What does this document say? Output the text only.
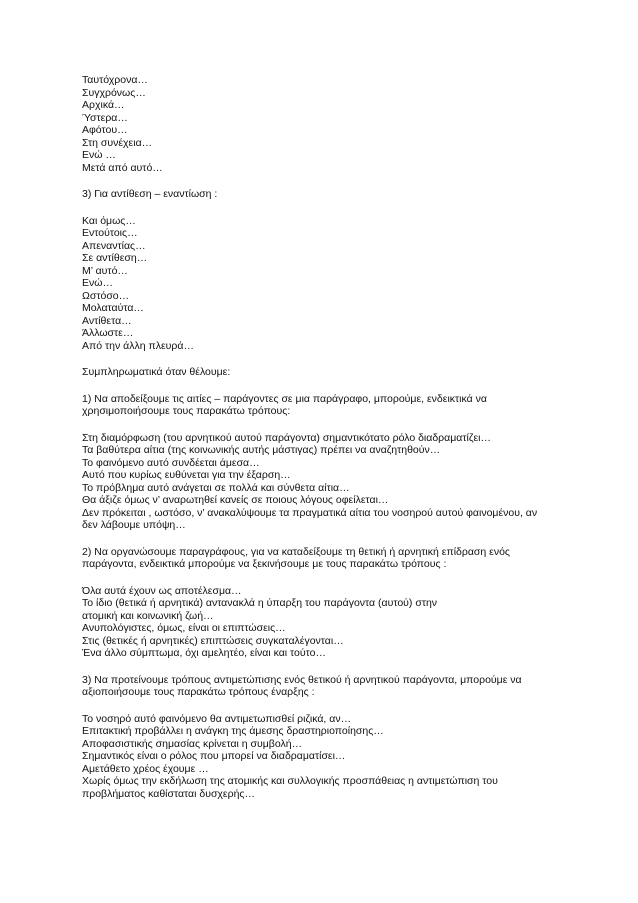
Ταυτόχρονα…
Συγχρόνως…
Αρχικά…
Ύστερα…
Αφότου…
Στη συνέχεια…
Ενώ …
Μετά από αυτό…
3) Για αντίθεση – εναντίωση :
Και όμως…
Εντούτοις…
Απεναντίας…
Σε αντίθεση…
Μ’ αυτό…
Ενώ…
Ωστόσο…
Μολαταύτα…
Αντίθετα…
Άλλωστε…
Από την άλλη πλευρά…
Συμπληρωματικά όταν θέλουμε:
1) Να αποδείξουμε τις αιτίες – παράγοντες σε μια παράγραφο, μπορούμε, ενδεικτικά να
χρησιμοποιήσουμε τους παρακάτω τρόπους:
Στη διαμόρφωση (του αρνητικού αυτού παράγοντα) σημαντικότατο ρόλο διαδραματίζει…
Τα βαθύτερα αίτια (της κοινωνικής αυτής μάστιγας) πρέπει να αναζητηθούν…
Το φαινόμενο αυτό συνδέεται άμεσα…
Αυτό που κυρίως ευθύνεται για την έξαρση…
Το πρόβλημα αυτό ανάγεται σε πολλά και σύνθετα αίτια…
Θα άξιζε όμως ν’ αναρωτηθεί κανείς σε ποιους λόγους οφείλεται…
Δεν πρόκειται , ωστόσο, ν’ ανακαλύψουμε τα πραγματικά αίτια του νοσηρού αυτού φαινομένου, αν
δεν λάβουμε υπόψη…
2) Να οργανώσουμε παραγράφους, για να καταδείξουμε τη θετική ή αρνητική επίδραση ενός
παράγοντα, ενδεικτικά μπορούμε να ξεκινήσουμε με τους παρακάτω τρόπους :
Όλα αυτά έχουν ως αποτέλεσμα…
Το ίδιο (θετικά ή αρνητικά) αντανακλά η ύπαρξη του παράγοντα (αυτού) στην
ατομική και κοινωνική ζωή…
Ανυπολόγιστες, όμως, είναι οι επιπτώσεις…
Στις (θετικές ή αρνητικές) επιπτώσεις συγκαταλέγονται…
Ένα άλλο σύμπτωμα, όχι αμελητέο, είναι και τούτο…
3) Να προτείνουμε τρόπους αντιμετώπισης ενός θετικού ή αρνητικού παράγοντα, μπορούμε να
αξιοποιήσουμε τους παρακάτω τρόπους έναρξης :
Το νοσηρό αυτό φαινόμενο θα αντιμετωπισθεί ριζικά, αν…
Επιτακτική προβάλλει η ανάγκη της άμεσης δραστηριοποίησης…
Αποφασιστικής σημασίας κρίνεται η συμβολή…
Σημαντικός είναι ο ρόλος που μπορεί να διαδραματίσει…
Αμετάθετο χρέος έχουμε …
Χωρίς όμως την εκδήλωση της ατομικής και συλλογικής προσπάθειας η αντιμετώπιση του
προβλήματος καθίσταται δυσχερής…
